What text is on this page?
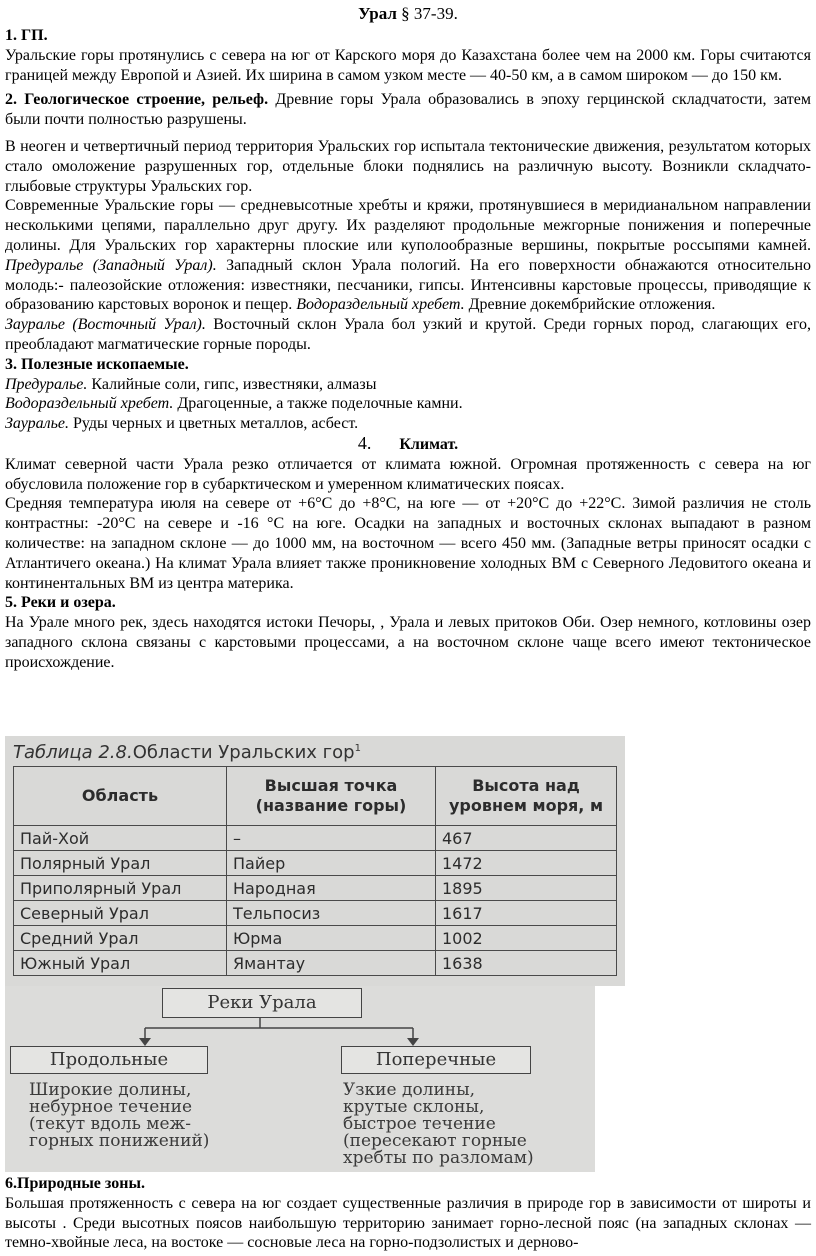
Урал § 37-39.

1. ГП.

Уральские горы протянулись с севера на юг от Карского моря до Казахстана более чем на 2000 км. Горы считаются границей между Европой и Азией. Их ширина в самом узком месте — 40-50 км, а в самом широком — до 150 км.

2. Геологическое строение, рельеф. Древние горы Урала образовались в эпоху герцинской складчатости, затем были почти полностью разрушены.

В неоген и четвертичный период территория Уральских гор испытала тектонические движения, результатом которых стало омоложение разрушенных гор, отдельные блоки поднялись на различную высоту. Возникли складчато-глыбовые структуры Уральских гор.

Современные Уральские горы — средневысотные хребты и кряжи, протянувшиеся в меридианальном направлении несколькими цепями, параллельно друг другу. Их разделяют продольные межгорные понижения и поперечные долины. Для Уральских гор характерны плоские или куполообразные вершины, покрытые россыпями камней. Предуралье (Западный Урал). Западный склон Урала пологий. На его поверхности обнажаются относительно молодь:- палеозойские отложения: известняки, песчаники, гипсы. Интенсивны карстовые процессы, приводящие к образованию карстовых воронок и пещер. Водораздельный хребет. Древние докембрийские отложения.

Зауралье (Восточный Урал). Восточный склон Урала бол узкий и крутой. Среди горных пород, слагающих его, преобладают магматические горные породы.

3. Полезные ископаемые.

Предуралье. Калийные соли, гипс, известняки, алмазы

Водораздельный хребет. Драгоценные, а также поделочные камни.

Зауралье. Руды черных и цветных металлов, асбест.

4. Климат.

Климат северной части Урала резко отличается от климата южной. Огромная протяженность с севера на юг обусловила положение гор в субарктическом и умеренном климатических поясах.

Средняя температура июля на севере от +6°С до +8°С, на юге — от +20°С до +22°С. Зимой различия не столь контрастны: -20°С на севере и -16 °С на юге. Осадки на западных и восточных склонах выпадают в разном количестве: на западном склоне — до 1000 мм, на восточном — всего 450 мм. (Западные ветры приносят осадки с Атлантичего океана.) На климат Урала влияет также проникновение холодных ВМ с Северного Ледовитого океана и континентальных ВМ из центра материка.

5. Реки и озера.

На Урале много рек, здесь находятся истоки Печоры, , Урала и левых притоков Оби. Озер немного, котловины озер западного склона связаны с карстовыми процессами, а на восточном склоне чаще всего имеют тектоническое происхождение.

Таблица 2.8.Области Уральских гор$^1$
Область	Высшая точка (название горы)	Высота над уровнем моря, м
Пай-Хой	–	467
Полярный Урал	Пайер	1472
Приполярный Урал	Народная	1895
Северный Урал	Тельпосиз	1617
Средний Урал	Юрма	1002
Южный Урал	Ямантау	1638
Реки Урала
Продольные	Поперечные
Широкие долины,
небурное течение
(текут вдоль меж-
горных понижений)
Узкие долины,
крутые склоны,
быстрое течение
(пересекают горные
хребты по разломам)

6.Природные зоны.

Большая протяженность с севера на юг создает существенные различия в природе гор в зависимости от широты и высоты . Среди высотных поясов наибольшую территорию занимает горно-лесной пояс (на западных склонах — темно-хвойные леса, на востоке — сосновые леса на горно-подзолистых и дерново-
